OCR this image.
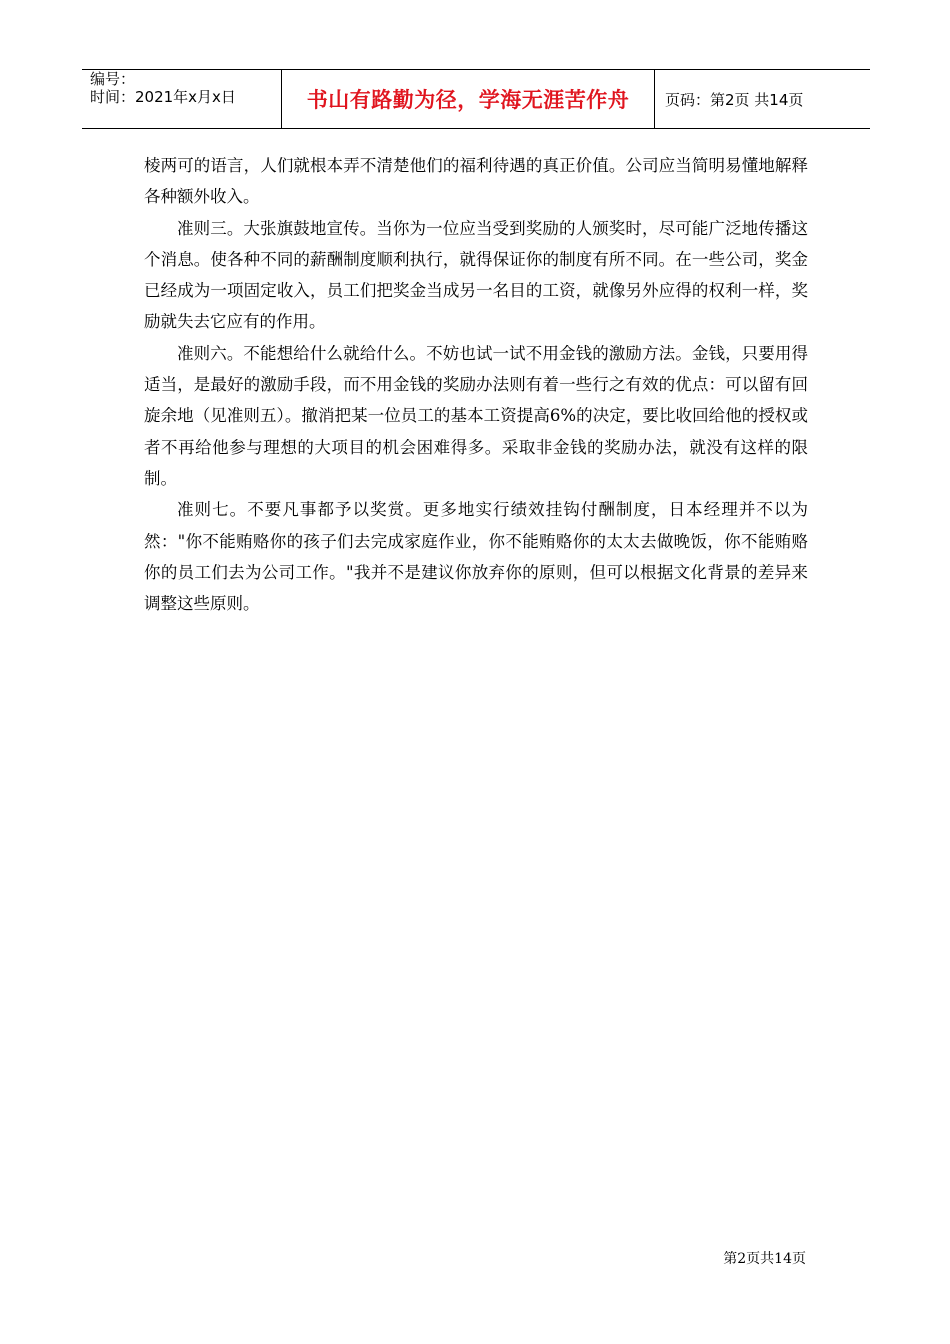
编号：
时间：2021年x月x日	书山有路勤为径，学海无涯苦作舟	页码：第2页 共14页

棱两可的语言，人们就根本弄不清楚他们的福利待遇的真正价值。公司应当简明易懂地解释各种额外收入。

准则三。大张旗鼓地宣传。当你为一位应当受到奖励的人颁奖时，尽可能广泛地传播这个消息。使各种不同的薪酬制度顺利执行，就得保证你的制度有所不同。在一些公司，奖金已经成为一项固定收入，员工们把奖金当成另一名目的工资，就像另外应得的权利一样，奖励就失去它应有的作用。

准则六。不能想给什么就给什么。不妨也试一试不用金钱的激励方法。金钱，只要用得适当，是最好的激励手段，而不用金钱的奖励办法则有着一些行之有效的优点：可以留有回旋余地（见准则五）。撤消把某一位员工的基本工资提高6%的决定，要比收回给他的授权或者不再给他参与理想的大项目的机会困难得多。采取非金钱的奖励办法，就没有这样的限制。

准则七。不要凡事都予以奖赏。更多地实行绩效挂钩付酬制度，日本经理并不以为然："你不能贿赂你的孩子们去完成家庭作业，你不能贿赂你的太太去做晚饭，你不能贿赂你的员工们去为公司工作。"我并不是建议你放弃你的原则，但可以根据文化背景的差异来调整这些原则。

第2页共14页
